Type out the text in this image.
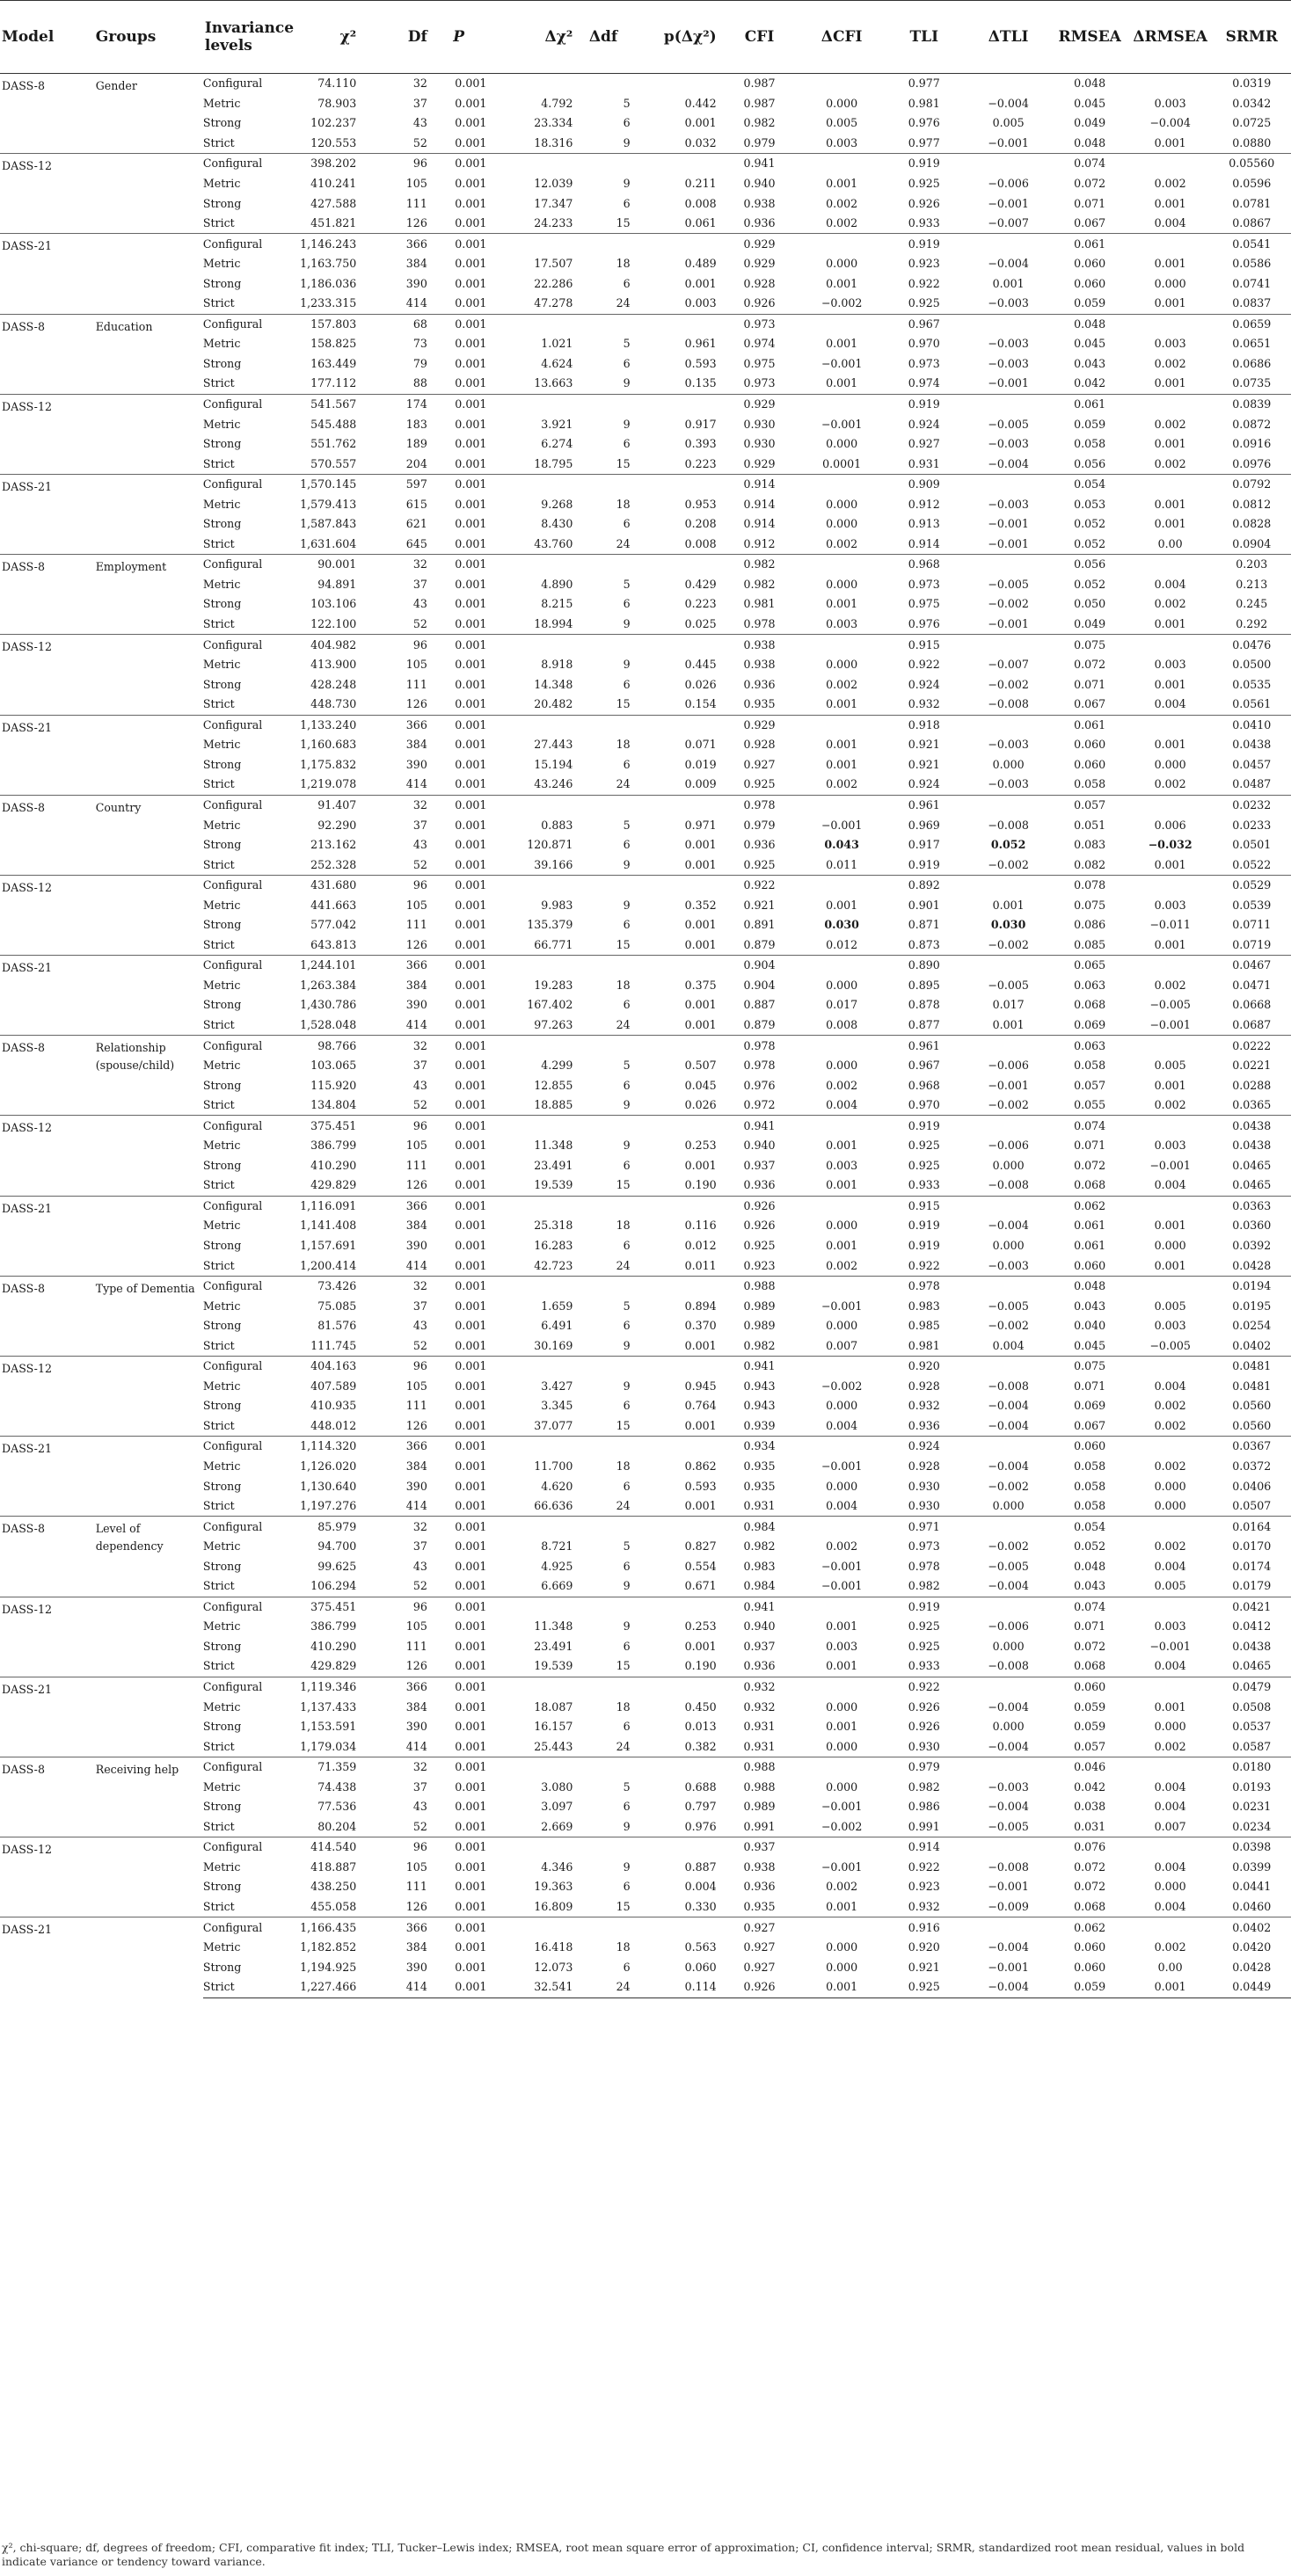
Model	Groups	Invariance levels	χ²	Df	P	Δχ²	Δdf	p(Δχ²)	CFI	ΔCFI	TLI	ΔTLI	RMSEA	ΔRMSEA	SRMR
DASS-8	Gender	Configural	74.110	32	0.001				0.987		0.977		0.048		0.0319
		Metric	78.903	37	0.001	4.792	5	0.442	0.987	0.000	0.981	−0.004	0.045	0.003	0.0342
		Strong	102.237	43	0.001	23.334	6	0.001	0.982	0.005	0.976	0.005	0.049	−0.004	0.0725
		Strict	120.553	52	0.001	18.316	9	0.032	0.979	0.003	0.977	−0.001	0.048	0.001	0.0880
DASS-12		Configural	398.202	96	0.001				0.941		0.919		0.074		0.05560
		Metric	410.241	105	0.001	12.039	9	0.211	0.940	0.001	0.925	−0.006	0.072	0.002	0.0596
		Strong	427.588	111	0.001	17.347	6	0.008	0.938	0.002	0.926	−0.001	0.071	0.001	0.0781
		Strict	451.821	126	0.001	24.233	15	0.061	0.936	0.002	0.933	−0.007	0.067	0.004	0.0867
DASS-21		Configural	1,146.243	366	0.001				0.929		0.919		0.061		0.0541
		Metric	1,163.750	384	0.001	17.507	18	0.489	0.929	0.000	0.923	−0.004	0.060	0.001	0.0586
		Strong	1,186.036	390	0.001	22.286	6	0.001	0.928	0.001	0.922	0.001	0.060	0.000	0.0741
		Strict	1,233.315	414	0.001	47.278	24	0.003	0.926	−0.002	0.925	−0.003	0.059	0.001	0.0837
DASS-8	Education	Configural	157.803	68	0.001				0.973		0.967		0.048		0.0659
		Metric	158.825	73	0.001	1.021	5	0.961	0.974	0.001	0.970	−0.003	0.045	0.003	0.0651
		Strong	163.449	79	0.001	4.624	6	0.593	0.975	−0.001	0.973	−0.003	0.043	0.002	0.0686
		Strict	177.112	88	0.001	13.663	9	0.135	0.973	0.001	0.974	−0.001	0.042	0.001	0.0735
DASS-12		Configural	541.567	174	0.001				0.929		0.919		0.061		0.0839
		Metric	545.488	183	0.001	3.921	9	0.917	0.930	−0.001	0.924	−0.005	0.059	0.002	0.0872
		Strong	551.762	189	0.001	6.274	6	0.393	0.930	0.000	0.927	−0.003	0.058	0.001	0.0916
		Strict	570.557	204	0.001	18.795	15	0.223	0.929	0.0001	0.931	−0.004	0.056	0.002	0.0976
DASS-21		Configural	1,570.145	597	0.001				0.914		0.909		0.054		0.0792
		Metric	1,579.413	615	0.001	9.268	18	0.953	0.914	0.000	0.912	−0.003	0.053	0.001	0.0812
		Strong	1,587.843	621	0.001	8.430	6	0.208	0.914	0.000	0.913	−0.001	0.052	0.001	0.0828
		Strict	1,631.604	645	0.001	43.760	24	0.008	0.912	0.002	0.914	−0.001	0.052	0.00	0.0904
DASS-8	Employment	Configural	90.001	32	0.001				0.982		0.968		0.056		0.203
		Metric	94.891	37	0.001	4.890	5	0.429	0.982	0.000	0.973	−0.005	0.052	0.004	0.213
		Strong	103.106	43	0.001	8.215	6	0.223	0.981	0.001	0.975	−0.002	0.050	0.002	0.245
		Strict	122.100	52	0.001	18.994	9	0.025	0.978	0.003	0.976	−0.001	0.049	0.001	0.292
DASS-12		Configural	404.982	96	0.001				0.938		0.915		0.075		0.0476
		Metric	413.900	105	0.001	8.918	9	0.445	0.938	0.000	0.922	−0.007	0.072	0.003	0.0500
		Strong	428.248	111	0.001	14.348	6	0.026	0.936	0.002	0.924	−0.002	0.071	0.001	0.0535
		Strict	448.730	126	0.001	20.482	15	0.154	0.935	0.001	0.932	−0.008	0.067	0.004	0.0561
DASS-21		Configural	1,133.240	366	0.001				0.929		0.918		0.061		0.0410
		Metric	1,160.683	384	0.001	27.443	18	0.071	0.928	0.001	0.921	−0.003	0.060	0.001	0.0438
		Strong	1,175.832	390	0.001	15.194	6	0.019	0.927	0.001	0.921	0.000	0.060	0.000	0.0457
		Strict	1,219.078	414	0.001	43.246	24	0.009	0.925	0.002	0.924	−0.003	0.058	0.002	0.0487
DASS-8	Country	Configural	91.407	32	0.001				0.978		0.961		0.057		0.0232
		Metric	92.290	37	0.001	0.883	5	0.971	0.979	−0.001	0.969	−0.008	0.051	0.006	0.0233
		Strong	213.162	43	0.001	120.871	6	0.001	0.936	0.043	0.917	0.052	0.083	−0.032	0.0501
		Strict	252.328	52	0.001	39.166	9	0.001	0.925	0.011	0.919	−0.002	0.082	0.001	0.0522
DASS-12		Configural	431.680	96	0.001				0.922		0.892		0.078		0.0529
		Metric	441.663	105	0.001	9.983	9	0.352	0.921	0.001	0.901	0.001	0.075	0.003	0.0539
		Strong	577.042	111	0.001	135.379	6	0.001	0.891	0.030	0.871	0.030	0.086	−0.011	0.0711
		Strict	643.813	126	0.001	66.771	15	0.001	0.879	0.012	0.873	−0.002	0.085	0.001	0.0719
DASS-21		Configural	1,244.101	366	0.001				0.904		0.890		0.065		0.0467
		Metric	1,263.384	384	0.001	19.283	18	0.375	0.904	0.000	0.895	−0.005	0.063	0.002	0.0471
		Strong	1,430.786	390	0.001	167.402	6	0.001	0.887	0.017	0.878	0.017	0.068	−0.005	0.0668
		Strict	1,528.048	414	0.001	97.263	24	0.001	0.879	0.008	0.877	0.001	0.069	−0.001	0.0687
DASS-8	Relationship (spouse/child)	Configural	98.766	32	0.001				0.978		0.961		0.063		0.0222
		Metric	103.065	37	0.001	4.299	5	0.507	0.978	0.000	0.967	−0.006	0.058	0.005	0.0221
		Strong	115.920	43	0.001	12.855	6	0.045	0.976	0.002	0.968	−0.001	0.057	0.001	0.0288
		Strict	134.804	52	0.001	18.885	9	0.026	0.972	0.004	0.970	−0.002	0.055	0.002	0.0365
DASS-12		Configural	375.451	96	0.001				0.941		0.919		0.074		0.0438
		Metric	386.799	105	0.001	11.348	9	0.253	0.940	0.001	0.925	−0.006	0.071	0.003	0.0438
		Strong	410.290	111	0.001	23.491	6	0.001	0.937	0.003	0.925	0.000	0.072	−0.001	0.0465
		Strict	429.829	126	0.001	19.539	15	0.190	0.936	0.001	0.933	−0.008	0.068	0.004	0.0465
DASS-21		Configural	1,116.091	366	0.001				0.926		0.915		0.062		0.0363
		Metric	1,141.408	384	0.001	25.318	18	0.116	0.926	0.000	0.919	−0.004	0.061	0.001	0.0360
		Strong	1,157.691	390	0.001	16.283	6	0.012	0.925	0.001	0.919	0.000	0.061	0.000	0.0392
		Strict	1,200.414	414	0.001	42.723	24	0.011	0.923	0.002	0.922	−0.003	0.060	0.001	0.0428
DASS-8	Type of Dementia	Configural	73.426	32	0.001				0.988		0.978		0.048		0.0194
		Metric	75.085	37	0.001	1.659	5	0.894	0.989	−0.001	0.983	−0.005	0.043	0.005	0.0195
		Strong	81.576	43	0.001	6.491	6	0.370	0.989	0.000	0.985	−0.002	0.040	0.003	0.0254
		Strict	111.745	52	0.001	30.169	9	0.001	0.982	0.007	0.981	0.004	0.045	−0.005	0.0402
DASS-12		Configural	404.163	96	0.001				0.941		0.920		0.075		0.0481
		Metric	407.589	105	0.001	3.427	9	0.945	0.943	−0.002	0.928	−0.008	0.071	0.004	0.0481
		Strong	410.935	111	0.001	3.345	6	0.764	0.943	0.000	0.932	−0.004	0.069	0.002	0.0560
		Strict	448.012	126	0.001	37.077	15	0.001	0.939	0.004	0.936	−0.004	0.067	0.002	0.0560
DASS-21		Configural	1,114.320	366	0.001				0.934		0.924		0.060		0.0367
		Metric	1,126.020	384	0.001	11.700	18	0.862	0.935	−0.001	0.928	−0.004	0.058	0.002	0.0372
		Strong	1,130.640	390	0.001	4.620	6	0.593	0.935	0.000	0.930	−0.002	0.058	0.000	0.0406
		Strict	1,197.276	414	0.001	66.636	24	0.001	0.931	0.004	0.930	0.000	0.058	0.000	0.0507
DASS-8	Level of dependency	Configural	85.979	32	0.001				0.984		0.971		0.054		0.0164
		Metric	94.700	37	0.001	8.721	5	0.827	0.982	0.002	0.973	−0.002	0.052	0.002	0.0170
		Strong	99.625	43	0.001	4.925	6	0.554	0.983	−0.001	0.978	−0.005	0.048	0.004	0.0174
		Strict	106.294	52	0.001	6.669	9	0.671	0.984	−0.001	0.982	−0.004	0.043	0.005	0.0179
DASS-12		Configural	375.451	96	0.001				0.941		0.919		0.074		0.0421
		Metric	386.799	105	0.001	11.348	9	0.253	0.940	0.001	0.925	−0.006	0.071	0.003	0.0412
		Strong	410.290	111	0.001	23.491	6	0.001	0.937	0.003	0.925	0.000	0.072	−0.001	0.0438
		Strict	429.829	126	0.001	19.539	15	0.190	0.936	0.001	0.933	−0.008	0.068	0.004	0.0465
DASS-21		Configural	1,119.346	366	0.001				0.932		0.922		0.060		0.0479
		Metric	1,137.433	384	0.001	18.087	18	0.450	0.932	0.000	0.926	−0.004	0.059	0.001	0.0508
		Strong	1,153.591	390	0.001	16.157	6	0.013	0.931	0.001	0.926	0.000	0.059	0.000	0.0537
		Strict	1,179.034	414	0.001	25.443	24	0.382	0.931	0.000	0.930	−0.004	0.057	0.002	0.0587
DASS-8	Receiving help	Configural	71.359	32	0.001				0.988		0.979		0.046		0.0180
		Metric	74.438	37	0.001	3.080	5	0.688	0.988	0.000	0.982	−0.003	0.042	0.004	0.0193
		Strong	77.536	43	0.001	3.097	6	0.797	0.989	−0.001	0.986	−0.004	0.038	0.004	0.0231
		Strict	80.204	52	0.001	2.669	9	0.976	0.991	−0.002	0.991	−0.005	0.031	0.007	0.0234
DASS-12		Configural	414.540	96	0.001				0.937		0.914		0.076		0.0398
		Metric	418.887	105	0.001	4.346	9	0.887	0.938	−0.001	0.922	−0.008	0.072	0.004	0.0399
		Strong	438.250	111	0.001	19.363	6	0.004	0.936	0.002	0.923	−0.001	0.072	0.000	0.0441
		Strict	455.058	126	0.001	16.809	15	0.330	0.935	0.001	0.932	−0.009	0.068	0.004	0.0460
DASS-21		Configural	1,166.435	366	0.001				0.927		0.916		0.062		0.0402
		Metric	1,182.852	384	0.001	16.418	18	0.563	0.927	0.000	0.920	−0.004	0.060	0.002	0.0420
		Strong	1,194.925	390	0.001	12.073	6	0.060	0.927	0.000	0.921	−0.001	0.060	0.00	0.0428
		Strict	1,227.466	414	0.001	32.541	24	0.114	0.926	0.001	0.925	−0.004	0.059	0.001	0.0449
χ², chi-square; df, degrees of freedom; CFI, comparative fit index; TLI, Tucker–Lewis index; RMSEA, root mean square error of approximation; CI, confidence interval; SRMR, standardized root mean residual, values in bold indicate variance or tendency toward variance.
